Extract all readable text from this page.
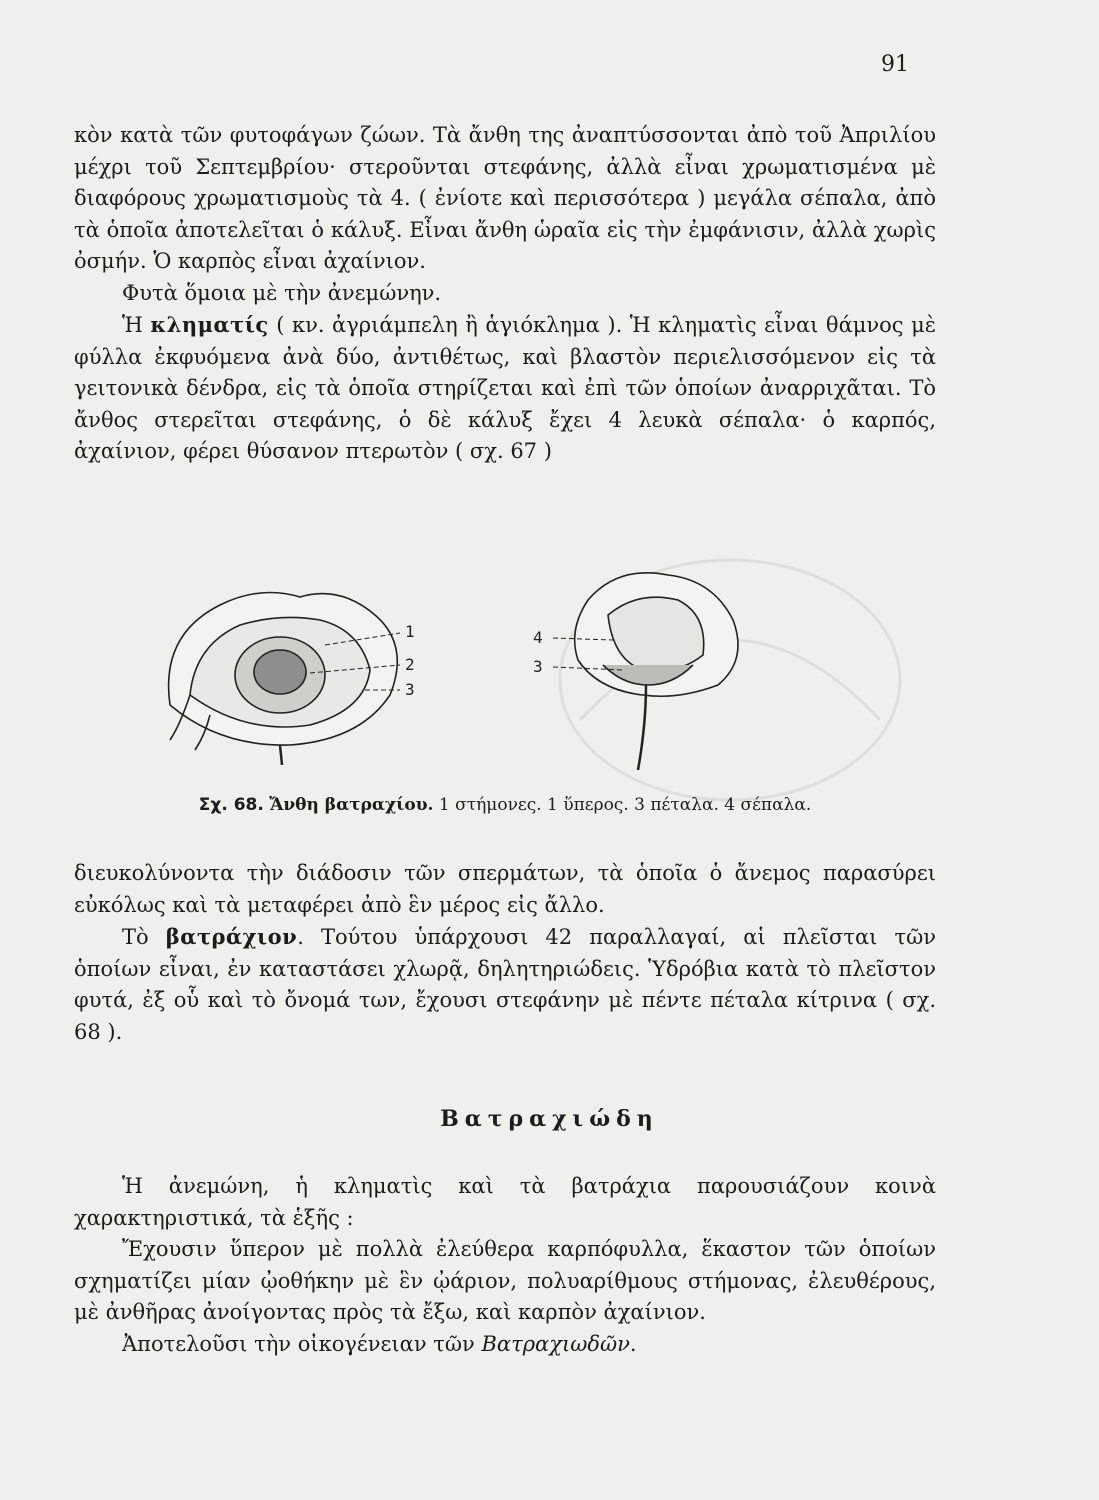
91

κὸν κατὰ τῶν φυτοφάγων ζώων. Τὰ ἄνθη της ἀναπτύσσονται ἀπὸ τοῦ Ἀπριλίου μέχρι τοῦ Σεπτεμβρίου· στεροῦνται στεφάνης, ἀλλὰ εἶναι χρωματισμένα μὲ διαφόρους χρωματισμοὺς τὰ 4. ( ἐνίοτε καὶ περισσότερα ) μεγάλα σέπαλα, ἀπὸ τὰ ὁποῖα ἀποτελεῖται ὁ κάλυξ. Εἶναι ἄνθη ὡραῖα εἰς τὴν ἐμφάνισιν, ἀλλὰ χωρὶς ὀσμήν. Ὁ καρπὸς εἶναι ἀχαίνιον.

Φυτὰ ὅμοια μὲ τὴν ἀνεμώνην.

Ἡ κληματίς ( κν. ἀγριάμπελη ἢ ἁγιόκλημα ). Ἡ κληματὶς εἶναι θάμνος μὲ φύλλα ἐκφυόμενα ἀνὰ δύο, ἀντιθέτως, καὶ βλαστὸν περιελισσόμενον εἰς τὰ γειτονικὰ δένδρα, εἰς τὰ ὁποῖα στηρίζεται καὶ ἐπὶ τῶν ὁποίων ἀναρριχᾶται. Τὸ ἄνθος στερεῖται στεφάνης, ὁ δὲ κάλυξ ἔχει 4 λευκὰ σέπαλα· ὁ καρπός, ἀχαίνιον, φέρει θύσανον πτερωτὸν ( σχ. 67 )

1
2
3
4
3
Σχ. 68. Ἄνθη βατραχίου. 1 στήμονες. 1 ὕπερος. 3 πέταλα. 4 σέπαλα.

διευκολύνοντα τὴν διάδοσιν τῶν σπερμάτων, τὰ ὁποῖα ὁ ἄνεμος παρασύρει εὐκόλως καὶ τὰ μεταφέρει ἀπὸ ἓν μέρος εἰς ἄλλο.

Τὸ βατράχιον. Τούτου ὑπάρχουσι 42 παραλλαγαί, αἱ πλεῖσται τῶν ὁποίων εἶναι, ἐν καταστάσει χλωρᾷ, δηλητηριώδεις. Ὑδρόβια κατὰ τὸ πλεῖστον φυτά, ἐξ οὗ καὶ τὸ ὄνομά των, ἔχουσι στεφάνην μὲ πέντε πέταλα κίτρινα ( σχ. 68 ).

Βατραχιώδη

Ἡ ἀνεμώνη, ἡ κληματὶς καὶ τὰ βατράχια παρουσιάζουν κοινὰ χαρακτηριστικά, τὰ ἑξῆς :

Ἔχουσιν ὕπερον μὲ πολλὰ ἐλεύθερα καρπόφυλλα, ἕκαστον τῶν ὁποίων σχηματίζει μίαν ᾠοθήκην μὲ ἓν ᾠάριον, πολυαρίθμους στήμονας, ἐλευθέρους, μὲ ἀνθῆρας ἀνοίγοντας πρὸς τὰ ἔξω, καὶ καρπὸν ἀχαίνιον.

Ἀποτελοῦσι τὴν οἰκογένειαν τῶν Βατραχιωδῶν.
